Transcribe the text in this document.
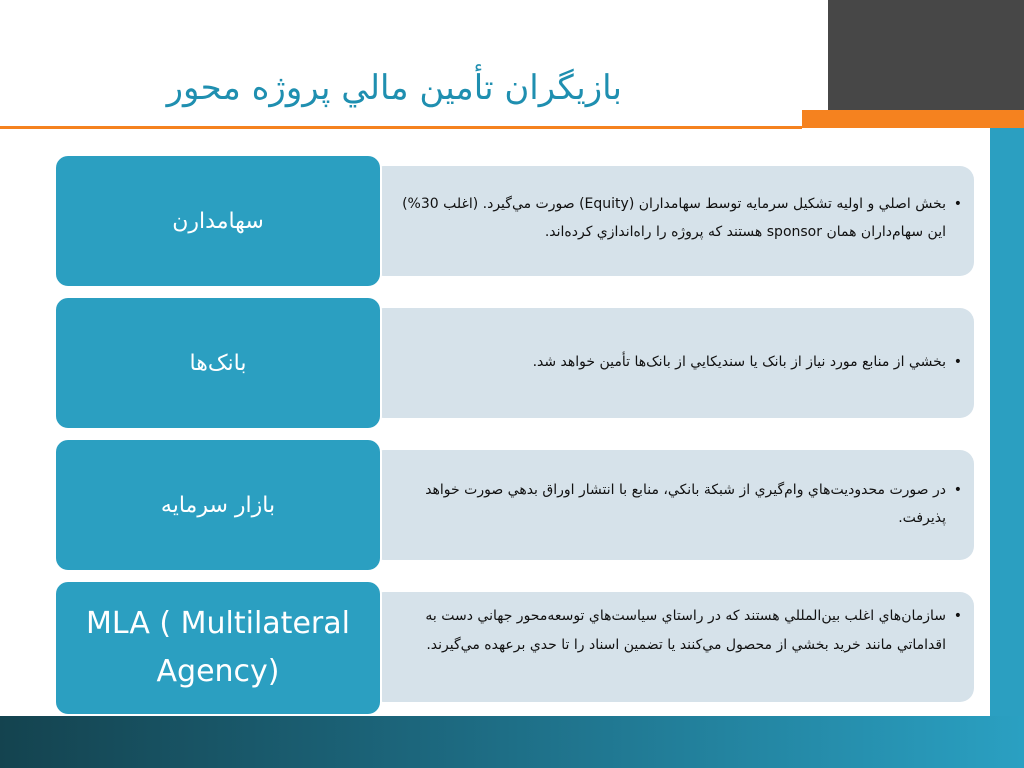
بازيگران تأمين مالي پروژه محور
• بخش اصلي و اوليه تشكيل سرمايه توسط سهامداران (Equity) صورت مي‌گيرد. (اغلب 30%) اين سهام‌داران همان sponsor هستند كه پروژه را راه‌اندازي كرده‌اند.
سهامدارن
• بخشي از منابع مورد نياز از بانک يا سنديكايي از بانک‌ها تأمين خواهد شد.
بانک‌ها
• در صورت محدوديت‌هاي وام‌گيري از شبكة بانكي، منابع با انتشار اوراق بدهي صورت خواهد پذيرفت.
بازار سرمايه
• سازمان‌هاي اغلب بين‌المللي هستند كه در راستاي سياست‌هاي توسعه‌محور جهاني دست به اقداماتي مانند خريد بخشي از محصول مي‌كنند يا تضمين اسناد را تا حدي برعهده مي‌گيرند.
MLA ( Multilateral Agency)
